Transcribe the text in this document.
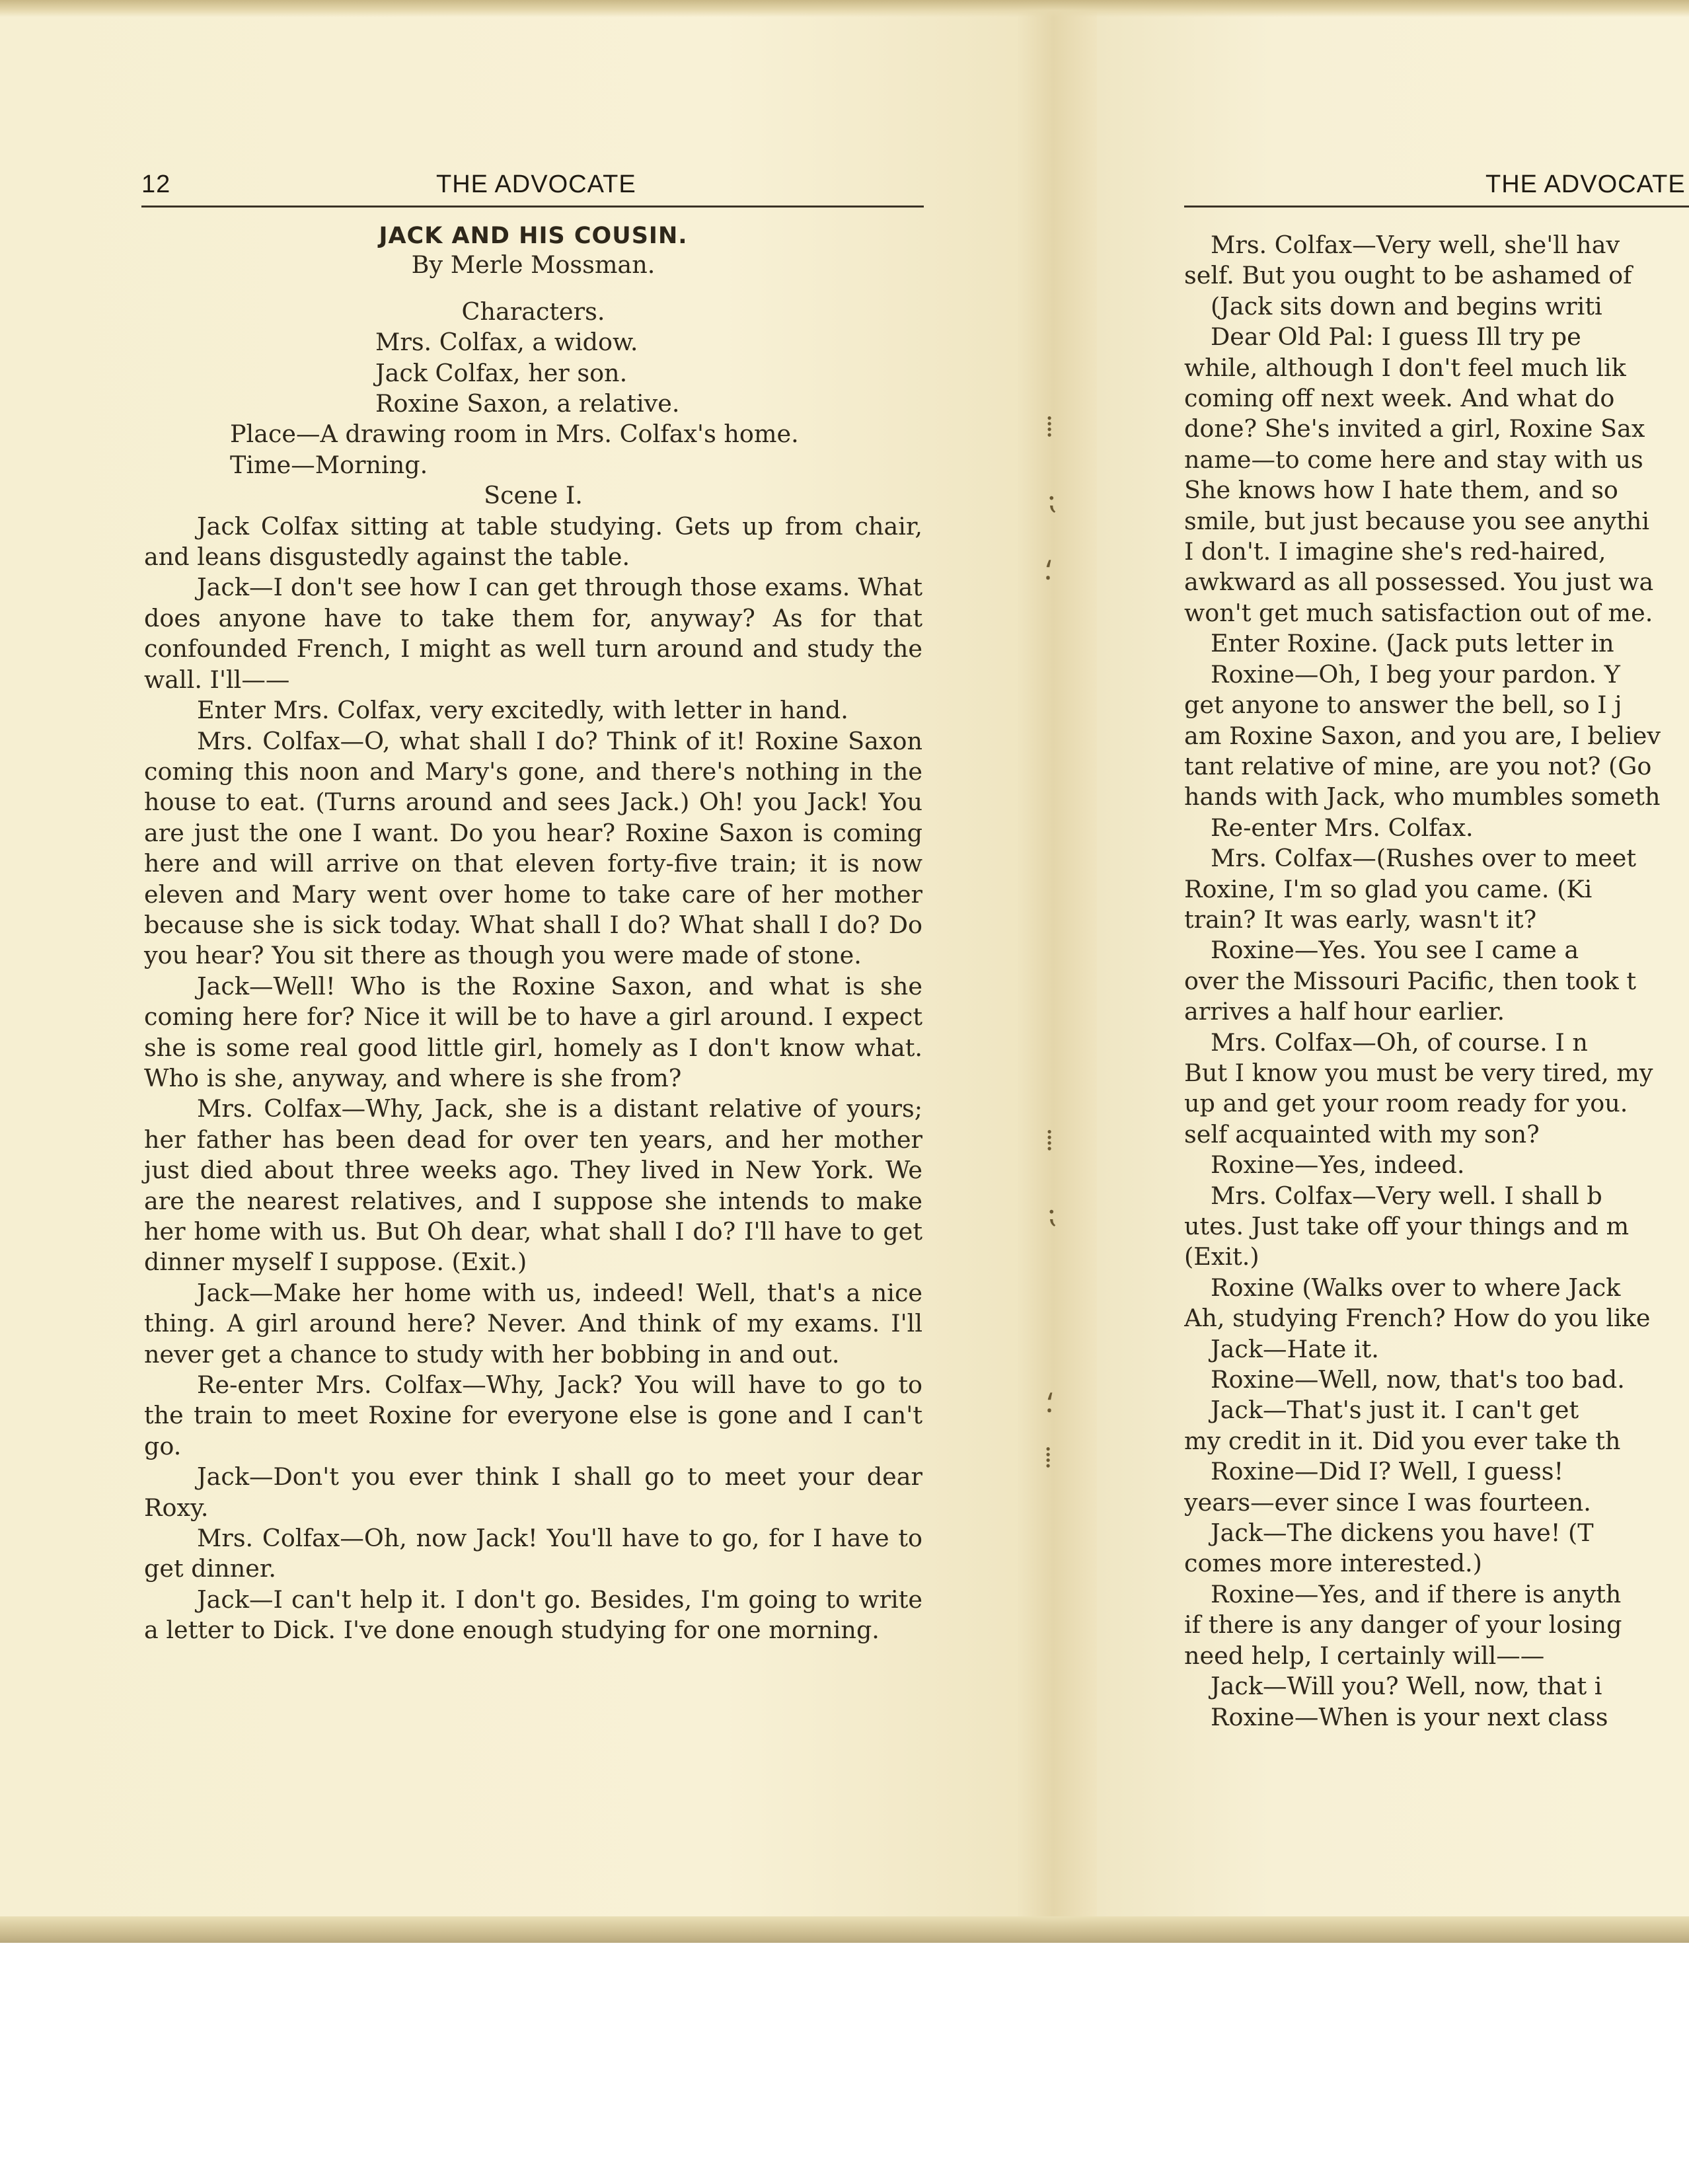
12	THE ADVOCATE

JACK AND HIS COUSIN.

By Merle Mossman.

Characters.

Mrs. Colfax, a widow.

Jack Colfax, her son.

Roxine Saxon, a relative.

Place—A drawing room in Mrs. Colfax's home.

Time—Morning.

Scene I.

Jack Colfax sitting at table studying. Gets up from chair, and leans disgustedly against the table.

Jack—I don't see how I can get through those exams. What does anyone have to take them for, anyway? As for that confounded French, I might as well turn around and study the wall. I'll——

Enter Mrs. Colfax, very excitedly, with letter in hand.

Mrs. Colfax—O, what shall I do? Think of it! Roxine Saxon coming this noon and Mary's gone, and there's nothing in the house to eat. (Turns around and sees Jack.) Oh! you Jack! You are just the one I want. Do you hear? Roxine Saxon is coming here and will arrive on that eleven forty-five train; it is now eleven and Mary went over home to take care of her mother because she is sick today. What shall I do? What shall I do? Do you hear? You sit there as though you were made of stone.

Jack—Well! Who is the Roxine Saxon, and what is she coming here for? Nice it will be to have a girl around. I expect she is some real good little girl, homely as I don't know what. Who is she, anyway, and where is she from?

Mrs. Colfax—Why, Jack, she is a distant relative of yours; her father has been dead for over ten years, and her mother just died about three weeks ago. They lived in New York. We are the nearest relatives, and I suppose she intends to make her home with us. But Oh dear, what shall I do? I'll have to get dinner myself I suppose. (Exit.)

Jack—Make her home with us, indeed! Well, that's a nice thing. A girl around here? Never. And think of my exams. I'll never get a chance to study with her bobbing in and out.

Re-enter Mrs. Colfax—Why, Jack? You will have to go to the train to meet Roxine for everyone else is gone and I can't go.

Jack—Don't you ever think I shall go to meet your dear Roxy.

Mrs. Colfax—Oh, now Jack! You'll have to go, for I have to get dinner.

Jack—I can't help it. I don't go. Besides, I'm going to write a letter to Dick. I've done enough studying for one morning.

⁞
⁏
⸵
⁞
⁏
⸵
⁞
THE ADVOCATE

Mrs. Colfax—Very well, she'll hav

self. But you ought to be ashamed of

(Jack sits down and begins writi

Dear Old Pal: I guess Ill try pe

while, although I don't feel much lik

coming off next week. And what do

done? She's invited a girl, Roxine Sax

name—to come here and stay with us

She knows how I hate them, and so

smile, but just because you see anythi

I don't. I imagine she's red-haired,

awkward as all possessed. You just wa

won't get much satisfaction out of me.

Enter Roxine. (Jack puts letter in

Roxine—Oh, I beg your pardon. Y

get anyone to answer the bell, so I j

am Roxine Saxon, and you are, I believ

tant relative of mine, are you not? (Go

hands with Jack, who mumbles someth

Re-enter Mrs. Colfax.

Mrs. Colfax—(Rushes over to meet

Roxine, I'm so glad you came. (Ki

train? It was early, wasn't it?

Roxine—Yes. You see I came a

over the Missouri Pacific, then took t

arrives a half hour earlier.

Mrs. Colfax—Oh, of course. I n

But I know you must be very tired, my

up and get your room ready for you.

self acquainted with my son?

Roxine—Yes, indeed.

Mrs. Colfax—Very well. I shall b

utes. Just take off your things and m

(Exit.)

Roxine (Walks over to where Jack

Ah, studying French? How do you like

Jack—Hate it.

Roxine—Well, now, that's too bad.

Jack—That's just it. I can't get

my credit in it. Did you ever take th

Roxine—Did I? Well, I guess!

years—ever since I was fourteen.

Jack—The dickens you have! (T

comes more interested.)

Roxine—Yes, and if there is anyth

if there is any danger of your losing

need help, I certainly will——

Jack—Will you? Well, now, that i

Roxine—When is your next class
